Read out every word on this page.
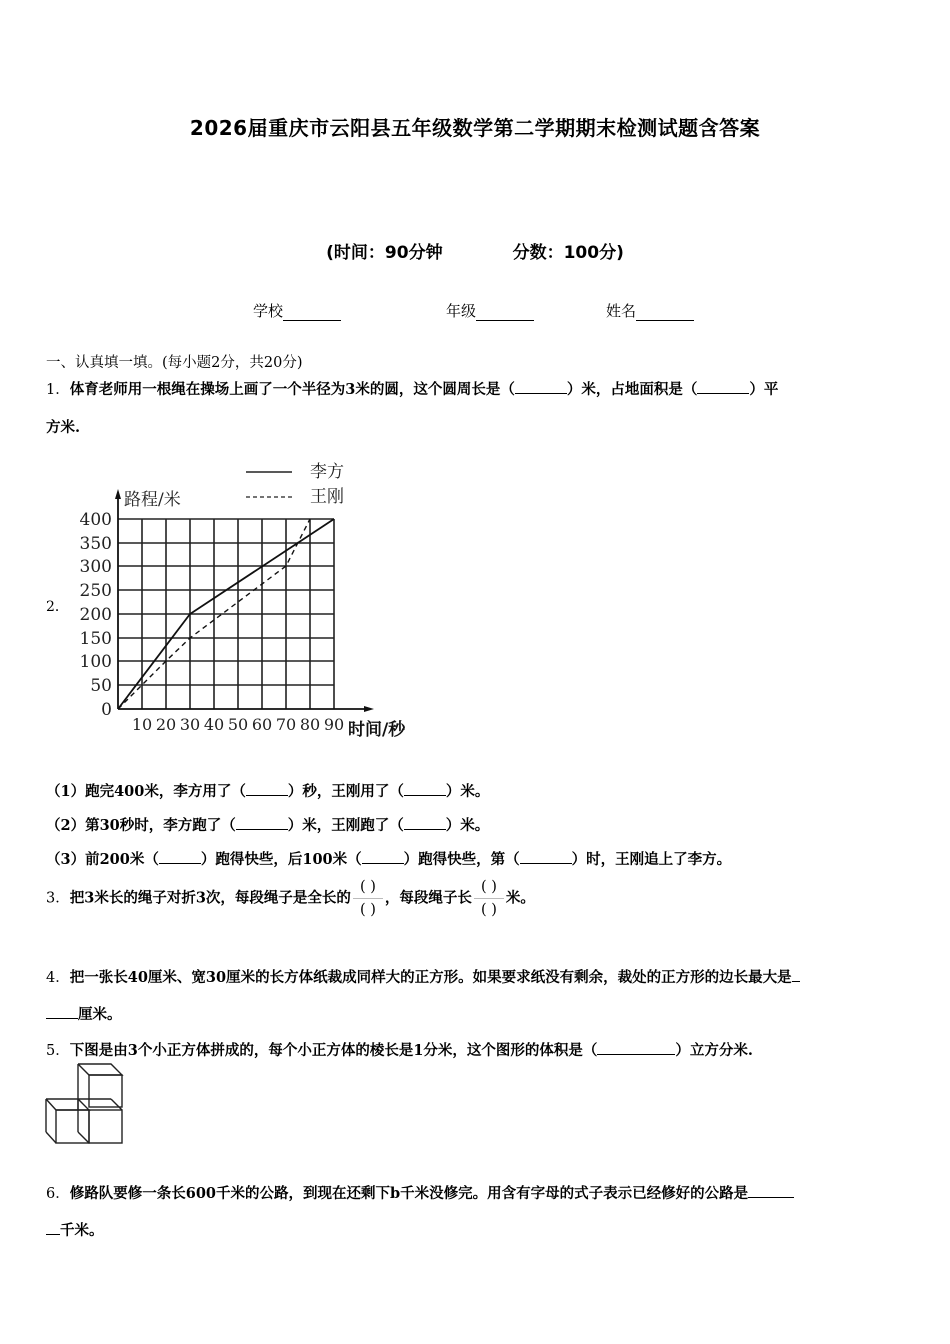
2026届重庆市云阳县五年级数学第二学期期末检测试题含答案
(时间：90分钟	分数：100分)
学校	年级	姓名
一、认真填一填。(每小题2分，共20分)
1．体育老师用一根绳在操场上画了一个半径为3米的圆，这个圆周长是（	）米，占地面积是（	）平
方米.
2．
400
350
300
250
200
150
100
50
0
10 20 30 40 50 60 70 80 90 时间/秒
路程/米
李方
王刚
（1）跑完400米，李方用了（	）秒，王刚用了（	）米。
（2）第30秒时，李方跑了（	）米，王刚跑了（	）米。
（3）前200米（	）跑得快些，后100米（	）跑得快些，第（	）时，王刚追上了李方。
3．把3米长的绳子对折3次，每段绳子是全长的 $\frac{( )}{( )}$ ，每段绳子长 $\frac{( )}{( )}$ 米。
4．把一张长40厘米、宽30厘米的长方体纸裁成同样大的正方形。如果要求纸没有剩余，裁处的正方形的边长最大是
厘米。
5．下图是由3个小正方体拼成的，每个小正方体的棱长是1分米，这个图形的体积是（	）立方分米.
6．修路队要修一条长600千米的公路，到现在还剩下b千米没修完。用含有字母的式子表示已经修好的公路是
千米。
